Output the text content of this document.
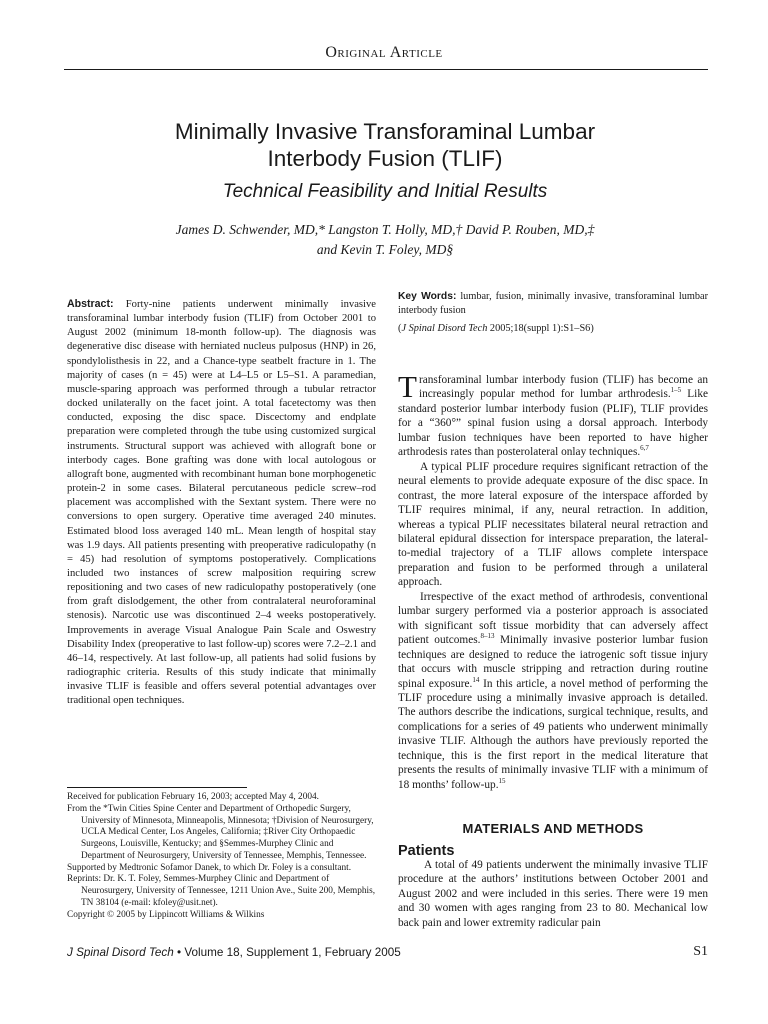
Original Article
Minimally Invasive Transforaminal Lumbar
Interbody Fusion (TLIF)
Technical Feasibility and Initial Results
James D. Schwender, MD,* Langston T. Holly, MD,† David P. Rouben, MD,‡
and Kevin T. Foley, MD§
Abstract: Forty-nine patients underwent minimally invasive transforaminal lumbar interbody fusion (TLIF) from October 2001 to August 2002 (minimum 18-month follow-up). The diagnosis was degenerative disc disease with herniated nucleus pulposus (HNP) in 26, spondylolisthesis in 22, and a Chance-type seatbelt fracture in 1. The majority of cases (n = 45) were at L4–L5 or L5–S1. A paramedian, muscle-sparing approach was performed through a tubular retractor docked unilaterally on the facet joint. A total facetectomy was then conducted, exposing the disc space. Discectomy and endplate preparation were completed through the tube using customized surgical instruments. Structural support was achieved with allograft bone or interbody cages. Bone grafting was done with local autologous or allograft bone, augmented with recombinant human bone morphogenetic protein-2 in some cases. Bilateral percutaneous pedicle screw–rod placement was accomplished with the Sextant system. There were no conversions to open surgery. Operative time averaged 240 minutes. Estimated blood loss averaged 140 mL. Mean length of hospital stay was 1.9 days. All patients presenting with preoperative radiculopathy (n = 45) had resolution of symptoms postoperatively. Complications included two instances of screw malposition requiring screw repositioning and two cases of new radiculopathy postoperatively (one from graft dislodgement, the other from contralateral neuroforaminal stenosis). Narcotic use was discontinued 2–4 weeks postoperatively. Improvements in average Visual Analogue Pain Scale and Oswestry Disability Index (preoperative to last follow-up) scores were 7.2–2.1 and 46–14, respectively. At last follow-up, all patients had solid fusions by radiographic criteria. Results of this study indicate that minimally invasive TLIF is feasible and offers several potential advantages over traditional open techniques.
Key Words: lumbar, fusion, minimally invasive, transforaminal lumbar interbody fusion
(J Spinal Disord Tech 2005;18(suppl 1):S1–S6)

Transforaminal lumbar interbody fusion (TLIF) has become an increasingly popular method for lumbar arthrodesis.$^{1-5}$ Like standard posterior lumbar interbody fusion (PLIF), TLIF provides for a “360°” spinal fusion using a dorsal approach. Interbody lumbar fusion techniques have been reported to have higher arthrodesis rates than posterolateral onlay techniques.$^{6,7}$

A typical PLIF procedure requires significant retraction of the neural elements to provide adequate exposure of the disc space. In contrast, the more lateral exposure of the interspace afforded by TLIF requires minimal, if any, neural retraction. In addition, whereas a typical PLIF necessitates bilateral neural retraction and bilateral epidural dissection for interspace preparation, the lateral-to-medial trajectory of a TLIF allows complete interspace preparation and fusion to be performed through a unilateral approach.

Irrespective of the exact method of arthrodesis, conventional lumbar surgery performed via a posterior approach is associated with significant soft tissue morbidity that can adversely affect patient outcomes.$^{8-13}$ Minimally invasive posterior lumbar fusion techniques are designed to reduce the iatrogenic soft tissue injury that occurs with muscle stripping and retraction during routine spinal exposure.$^{14}$ In this article, a novel method of performing the TLIF procedure using a minimally invasive approach is detailed. The authors describe the indications, surgical technique, results, and complications for a series of 49 patients who underwent minimally invasive TLIF. Although the authors have previously reported the technique, this is the first report in the medical literature that presents the results of minimally invasive TLIF with a minimum of 18 months’ follow-up.$^{15}$

MATERIALS AND METHODS
Patients

A total of 49 patients underwent the minimally invasive TLIF procedure at the authors’ institutions between October 2001 and August 2002 and were included in this series. There were 19 men and 30 women with ages ranging from 23 to 80. Mechanical low back pain and lower extremity radicular pain

Received for publication February 16, 2003; accepted May 4, 2004.
From the *Twin Cities Spine Center and Department of Orthopedic Surgery, University of Minnesota, Minneapolis, Minnesota; †Division of Neurosurgery, UCLA Medical Center, Los Angeles, California; ‡River City Orthopaedic Surgeons, Louisville, Kentucky; and §Semmes-Murphey Clinic and Department of Neurosurgery, University of Tennessee, Memphis, Tennessee.
Supported by Medtronic Sofamor Danek, to which Dr. Foley is a consultant.
Reprints: Dr. K. T. Foley, Semmes-Murphey Clinic and Department of Neurosurgery, University of Tennessee, 1211 Union Ave., Suite 200, Memphis, TN 38104 (e-mail: kfoley@usit.net).
Copyright © 2005 by Lippincott Williams & Wilkins
J Spinal Disord Tech • Volume 18, Supplement 1, February 2005	S1
